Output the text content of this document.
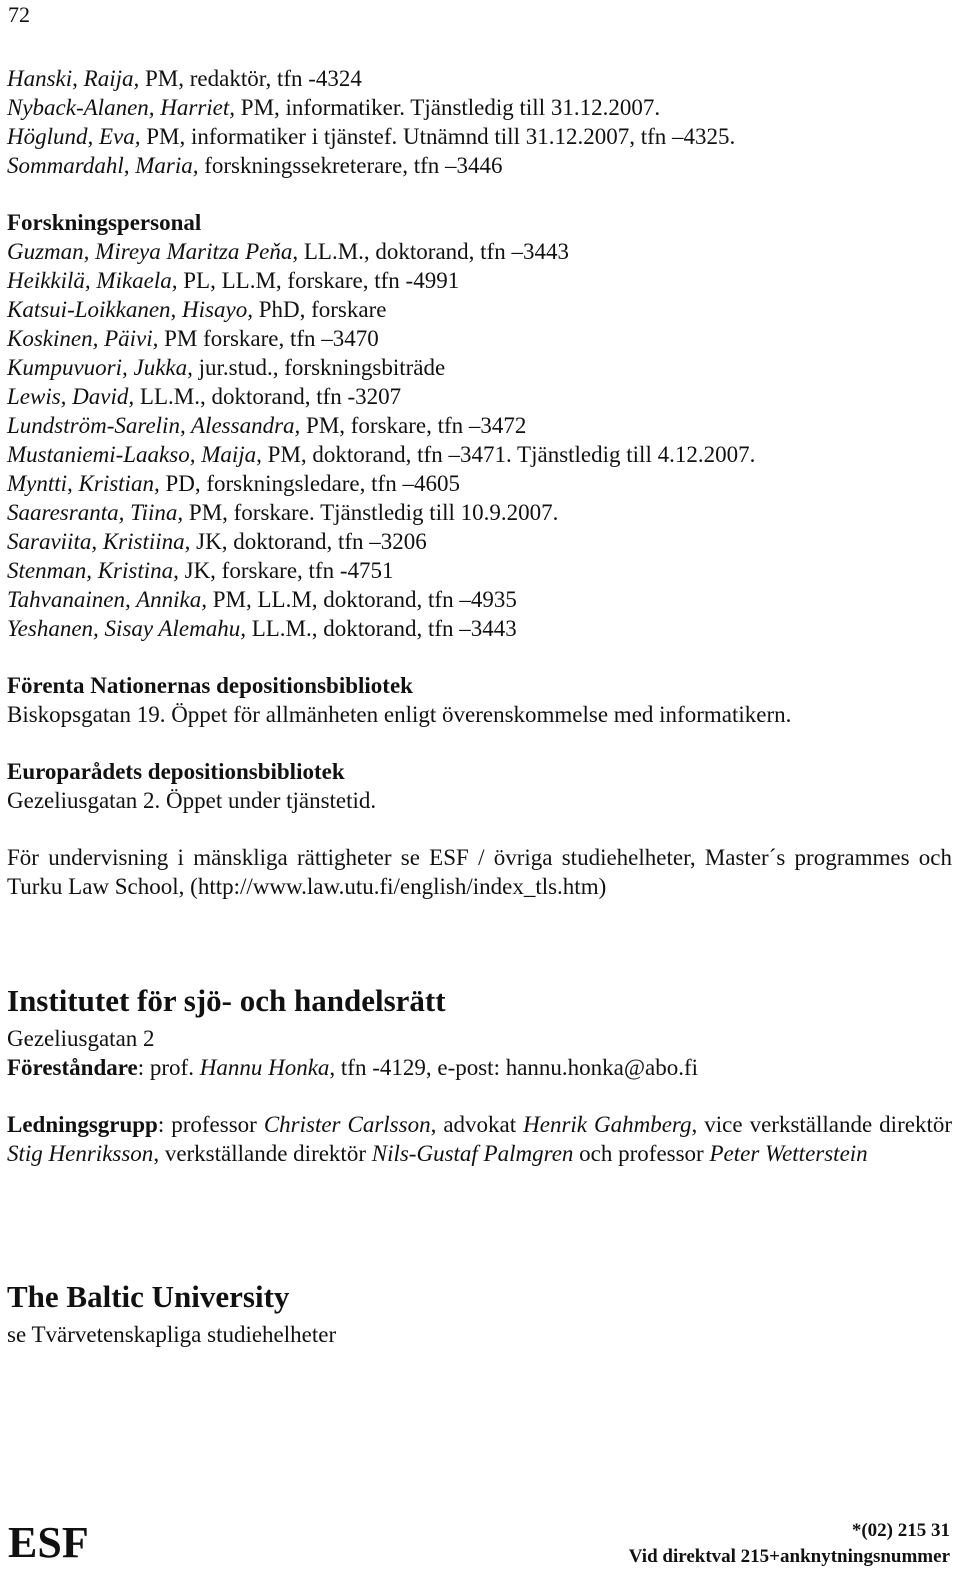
72
Hanski, Raija, PM, redaktör, tfn -4324
Nyback-Alanen, Harriet, PM, informatiker. Tjänstledig till 31.12.2007.
Höglund, Eva, PM, informatiker i tjänstef. Utnämnd till 31.12.2007, tfn –4325.
Sommardahl, Maria, forskningssekreterare, tfn –3446
Forskningspersonal
Guzman, Mireya Maritza Peňa, LL.M., doktorand, tfn –3443
Heikkilä, Mikaela, PL, LL.M, forskare, tfn -4991
Katsui-Loikkanen, Hisayo, PhD, forskare
Koskinen, Päivi, PM forskare, tfn –3470
Kumpuvuori, Jukka, jur.stud., forskningsbiträde
Lewis, David, LL.M., doktorand, tfn -3207
Lundström-Sarelin, Alessandra, PM, forskare, tfn –3472
Mustaniemi-Laakso, Maija, PM, doktorand, tfn –3471. Tjänstledig till 4.12.2007.
Myntti, Kristian, PD, forskningsledare, tfn –4605
Saaresranta, Tiina, PM, forskare. Tjänstledig till 10.9.2007.
Saraviita, Kristiina, JK, doktorand, tfn –3206
Stenman, Kristina, JK, forskare, tfn -4751
Tahvanainen, Annika, PM, LL.M, doktorand, tfn –4935
Yeshanen, Sisay Alemahu, LL.M., doktorand, tfn –3443
Förenta Nationernas depositionsbibliotek
Biskopsgatan 19. Öppet för allmänheten enligt överenskommelse med informatikern.
Europarådets depositionsbibliotek
Gezeliusgatan 2. Öppet under tjänstetid.
För undervisning i mänskliga rättigheter se ESF / övriga studiehelheter, Master´s programmes och Turku Law School, (http://www.law.utu.fi/english/index_tls.htm)
Institutet för sjö- och handelsrätt
Gezeliusgatan 2
Föreståndare: prof. Hannu Honka, tfn -4129, e-post: hannu.honka@abo.fi
Ledningsgrupp: professor Christer Carlsson, advokat Henrik Gahmberg, vice verkställande direktör Stig Henriksson, verkställande direktör Nils-Gustaf Palmgren och professor Peter Wetterstein
The Baltic University
se Tvärvetenskapliga studiehelheter
ESF	*(02) 215 31
Vid direktval 215+anknytningsnummer
